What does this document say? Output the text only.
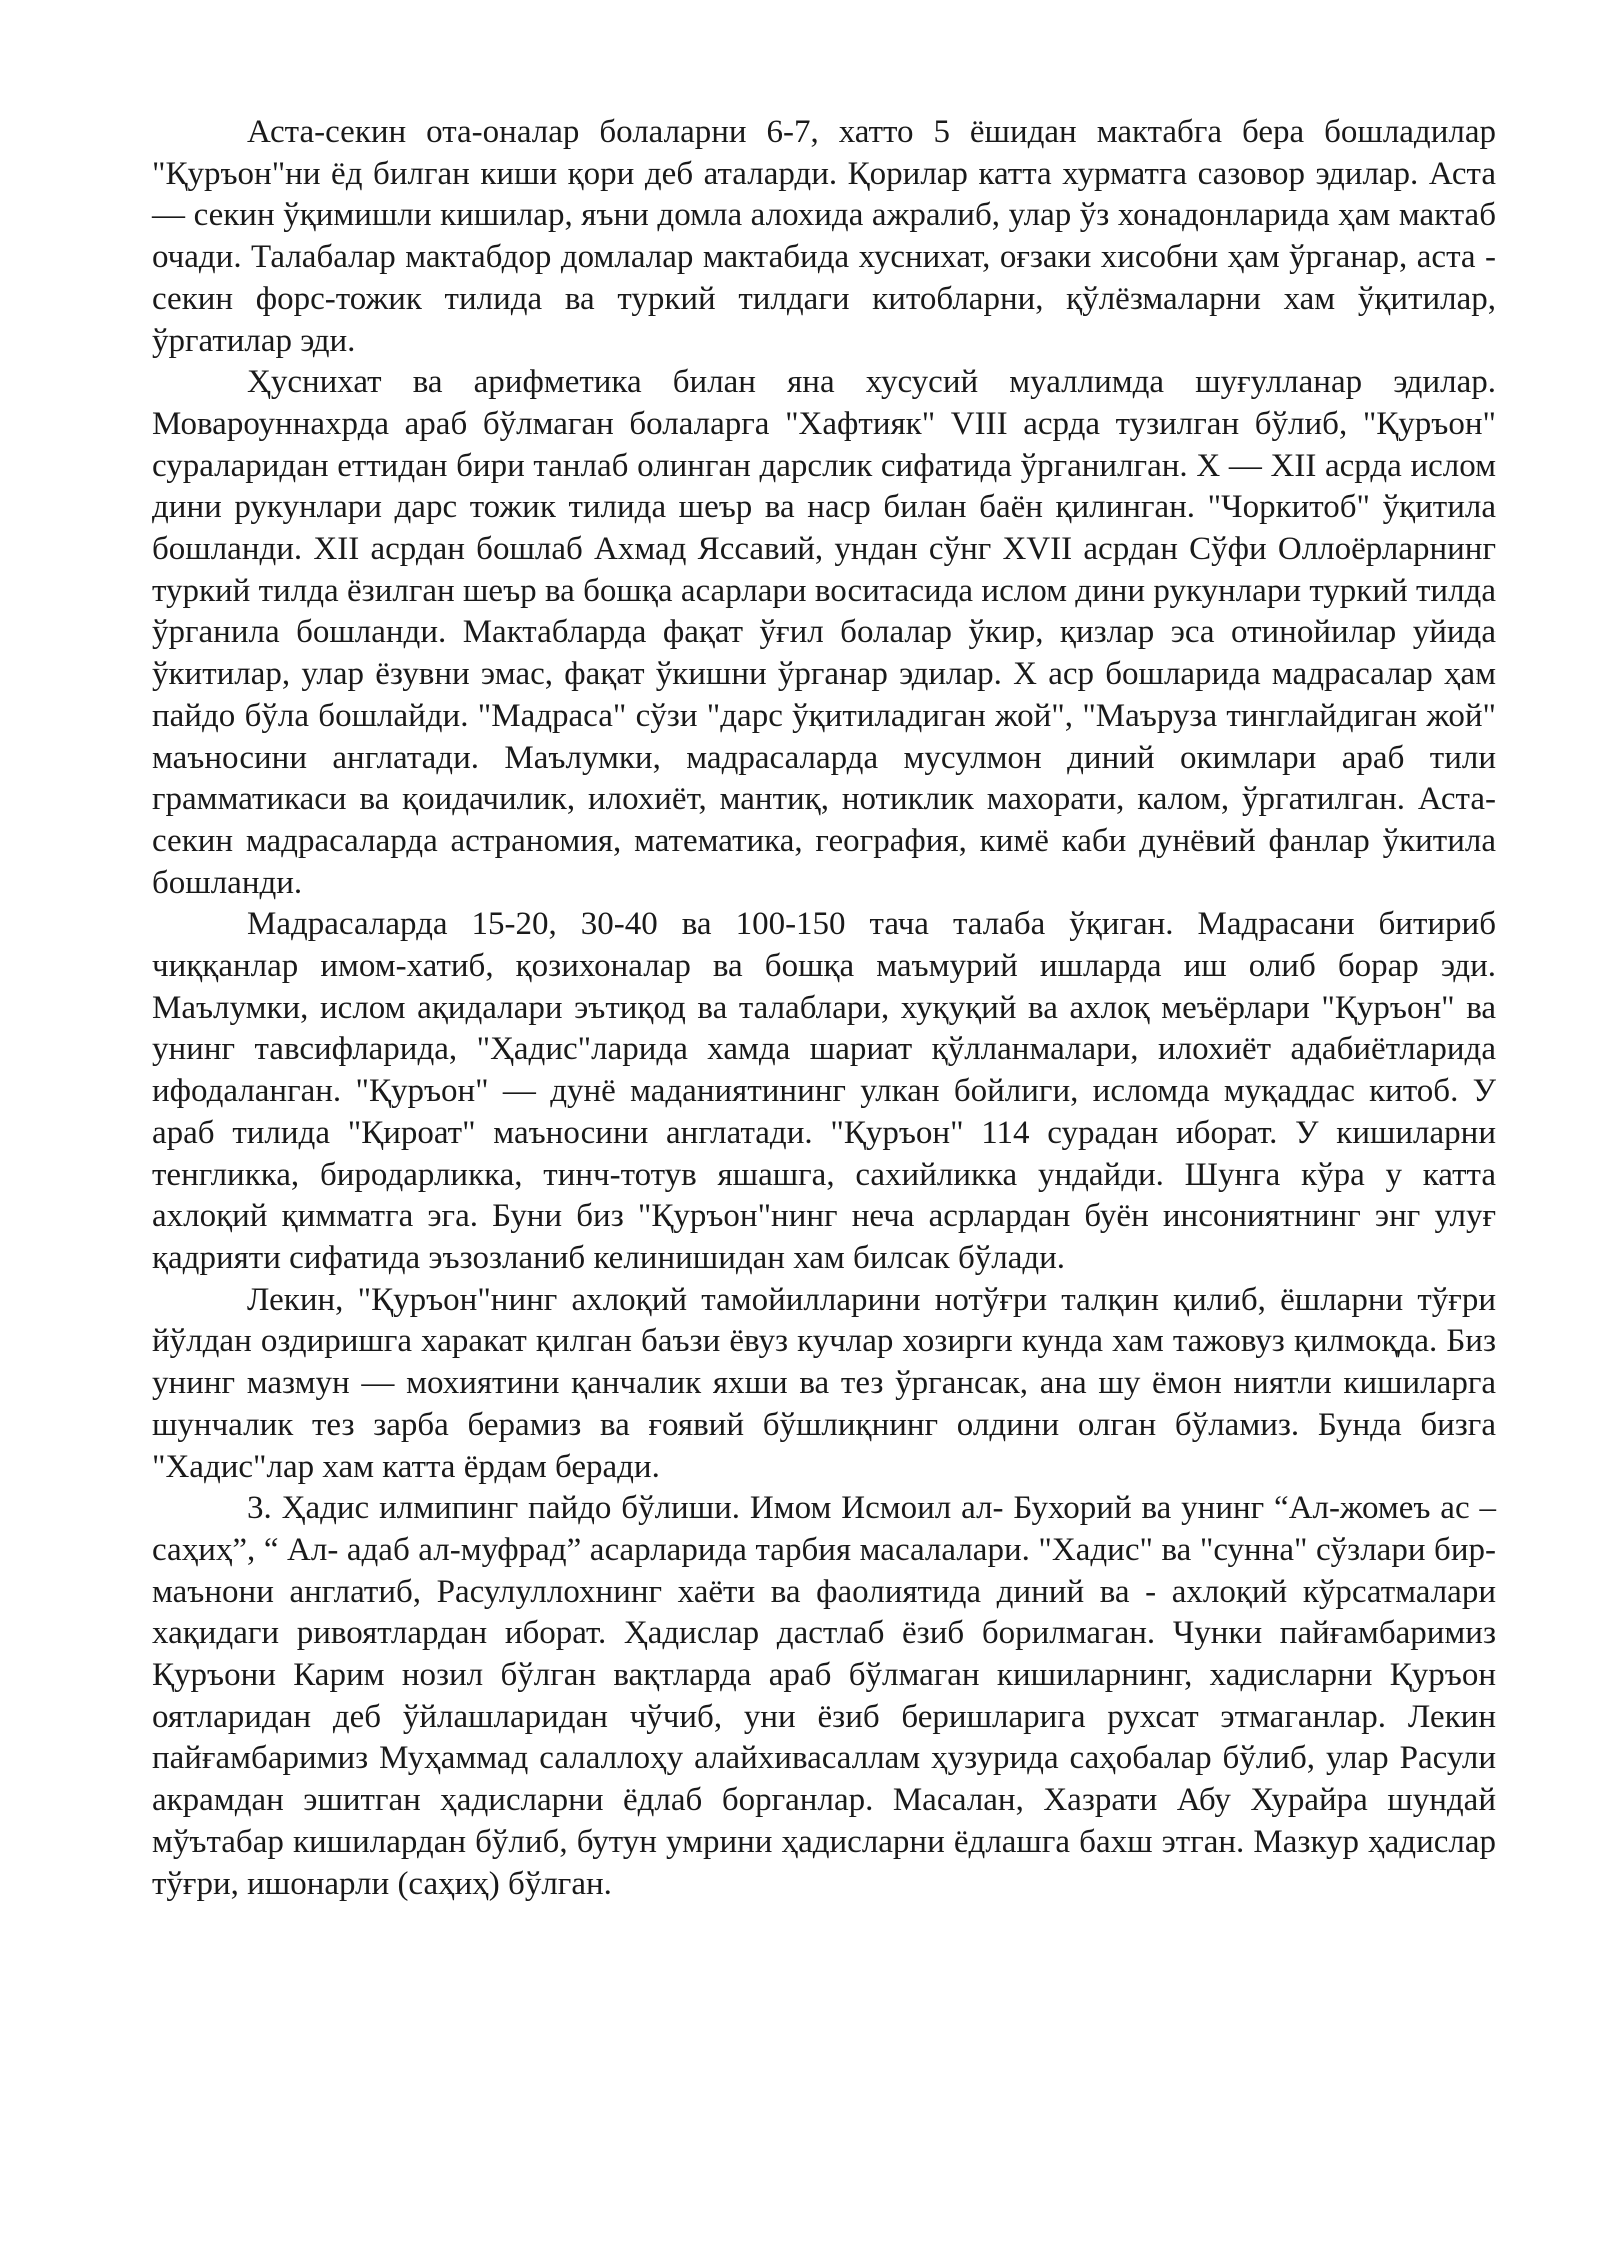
Аста-секин ота-оналар болаларни 6-7, хатто 5 ёшидан мактабга бера бошладилар "Қуръон"ни ёд билган киши қори деб аталарди. Қорилар катта хурматга сазовор эдилар. Аста — секин ўқимишли кишилар, яъни домла алохида ажралиб, улар ўз хонадонларида ҳам мактаб очади. Талабалар мактабдор домлалар мактабида хуснихат, оғзаки хисобни ҳам ўрганар, аста - секин форс-тожик тилида ва туркий тилдаги китобларни, қўлёзмаларни хам ўқитилар, ўргатилар эди.

Ҳуснихат ва арифметика билан яна хусусий муаллимда шуғулланар эдилар. Мовароуннахрда араб бўлмаган болаларга "Хафтияк" VIII асрда тузилган бўлиб, "Қуръон" сураларидан еттидан бири танлаб олинган дарслик сифатида ўрганилган. X — XII асрда ислом дини рукунлари дарс тожик тилида шеър ва наср билан баён қилинган. "Чоркитоб" ўқитила бошланди. XII асрдан бошлаб Ахмад Яссавий, ундан сўнг XVII асрдан Сўфи Оллоёрларнинг туркий тилда ёзилган шеър ва бошқа асарлари воситасида ислом дини рукунлари туркий тилда ўрганила бошланди. Мактабларда фақат ўғил болалар ўкир, қизлар эса отинойилар уйида ўкитилар, улар ёзувни эмас, фақат ўкишни ўрганар эдилар. X аср бошларида мадрасалар ҳам пайдо бўла бошлайди. "Мадраса" сўзи "дарс ўқитиладиган жой", "Маъруза тинглайдиган жой" маъносини англатади. Маълумки, мадрасаларда мусулмон диний окимлари араб тили грамматикаси ва қоидачилик, илохиёт, мантиқ, нотиклик махорати, калом, ўргатилган. Аста-секин мадрасаларда астраномия, математика, география, кимё каби дунёвий фанлар ўкитила бошланди.

Мадрасаларда 15-20, 30-40 ва 100-150 тача талаба ўқиган. Мадрасани битириб чиққанлар имом-хатиб, қозихоналар ва бошқа маъмурий ишларда иш олиб борар эди. Маълумки, ислом ақидалари эътиқод ва талаблари, хуқуқий ва ахлоқ меъёрлари "Қуръон" ва унинг тавсифларида, "Ҳадис"ларида хамда шариат қўлланмалари, илохиёт адабиётларида ифодаланган. "Қуръон" — дунё маданиятининг улкан бойлиги, исломда муқаддас китоб. У араб тилида "Қироат" маъносини англатади. "Қуръон" 114 сурадан иборат. У кишиларни тенгликка, биродарликка, тинч-тотув яшашга, сахийликка ундайди. Шунга кўра у катта ахлоқий қимматга эга. Буни биз "Қуръон"нинг неча асрлардан буён инсониятнинг энг улуғ қадрияти сифатида эъзозланиб келинишидан хам билсак бўлади.

Лекин, "Қуръон"нинг ахлоқий тамойилларини нотўғри талқин қилиб, ёшларни тўғри йўлдан оздиришга харакат қилган баъзи ёвуз кучлар хозирги кунда хам тажовуз қилмоқда. Биз унинг мазмун — мохиятини қанчалик яхши ва тез ўргансак, ана шу ёмон ниятли кишиларга шунчалик тез зарба берамиз ва ғоявий бўшлиқнинг олдини олган бўламиз. Бунда бизга "Хадис"лар хам катта ёрдам беради.

3. Ҳадис илмипинг пайдо бўлиши. Имом Исмоил ал- Бухорий ва унинг “Ал-жомеъ ас – саҳиҳ”, “ Ал- адаб ал-муфрад” асарларида тарбия масалалари. "Хадис" ва "сунна" сўзлари бир- маънони англатиб, Расулуллохнинг хаёти ва фаолиятида диний ва - ахлоқий кўрсатмалари хақидаги ривоятлардан иборат. Ҳадислар дастлаб ёзиб борилмаган. Чунки пайғамбаримиз Қуръони Карим нозил бўлган вақтларда араб бўлмаган кишиларнинг, хадисларни Қуръон оятларидан деб ўйлашларидан чўчиб, уни ёзиб беришларига рухсат этмаганлар. Лекин пайғамбаримиз Муҳаммад салаллоҳу алайхивасаллам ҳузурида саҳобалар бўлиб, улар Расули акрамдан эшитган ҳадисларни ёдлаб борганлар. Масалан, Хазрати Абу Хурайра шундай мўътабар кишилардан бўлиб, бутун умрини ҳадисларни ёдлашга бахш этган. Мазкур ҳадислар тўғри, ишонарли (саҳиҳ) бўлган.
